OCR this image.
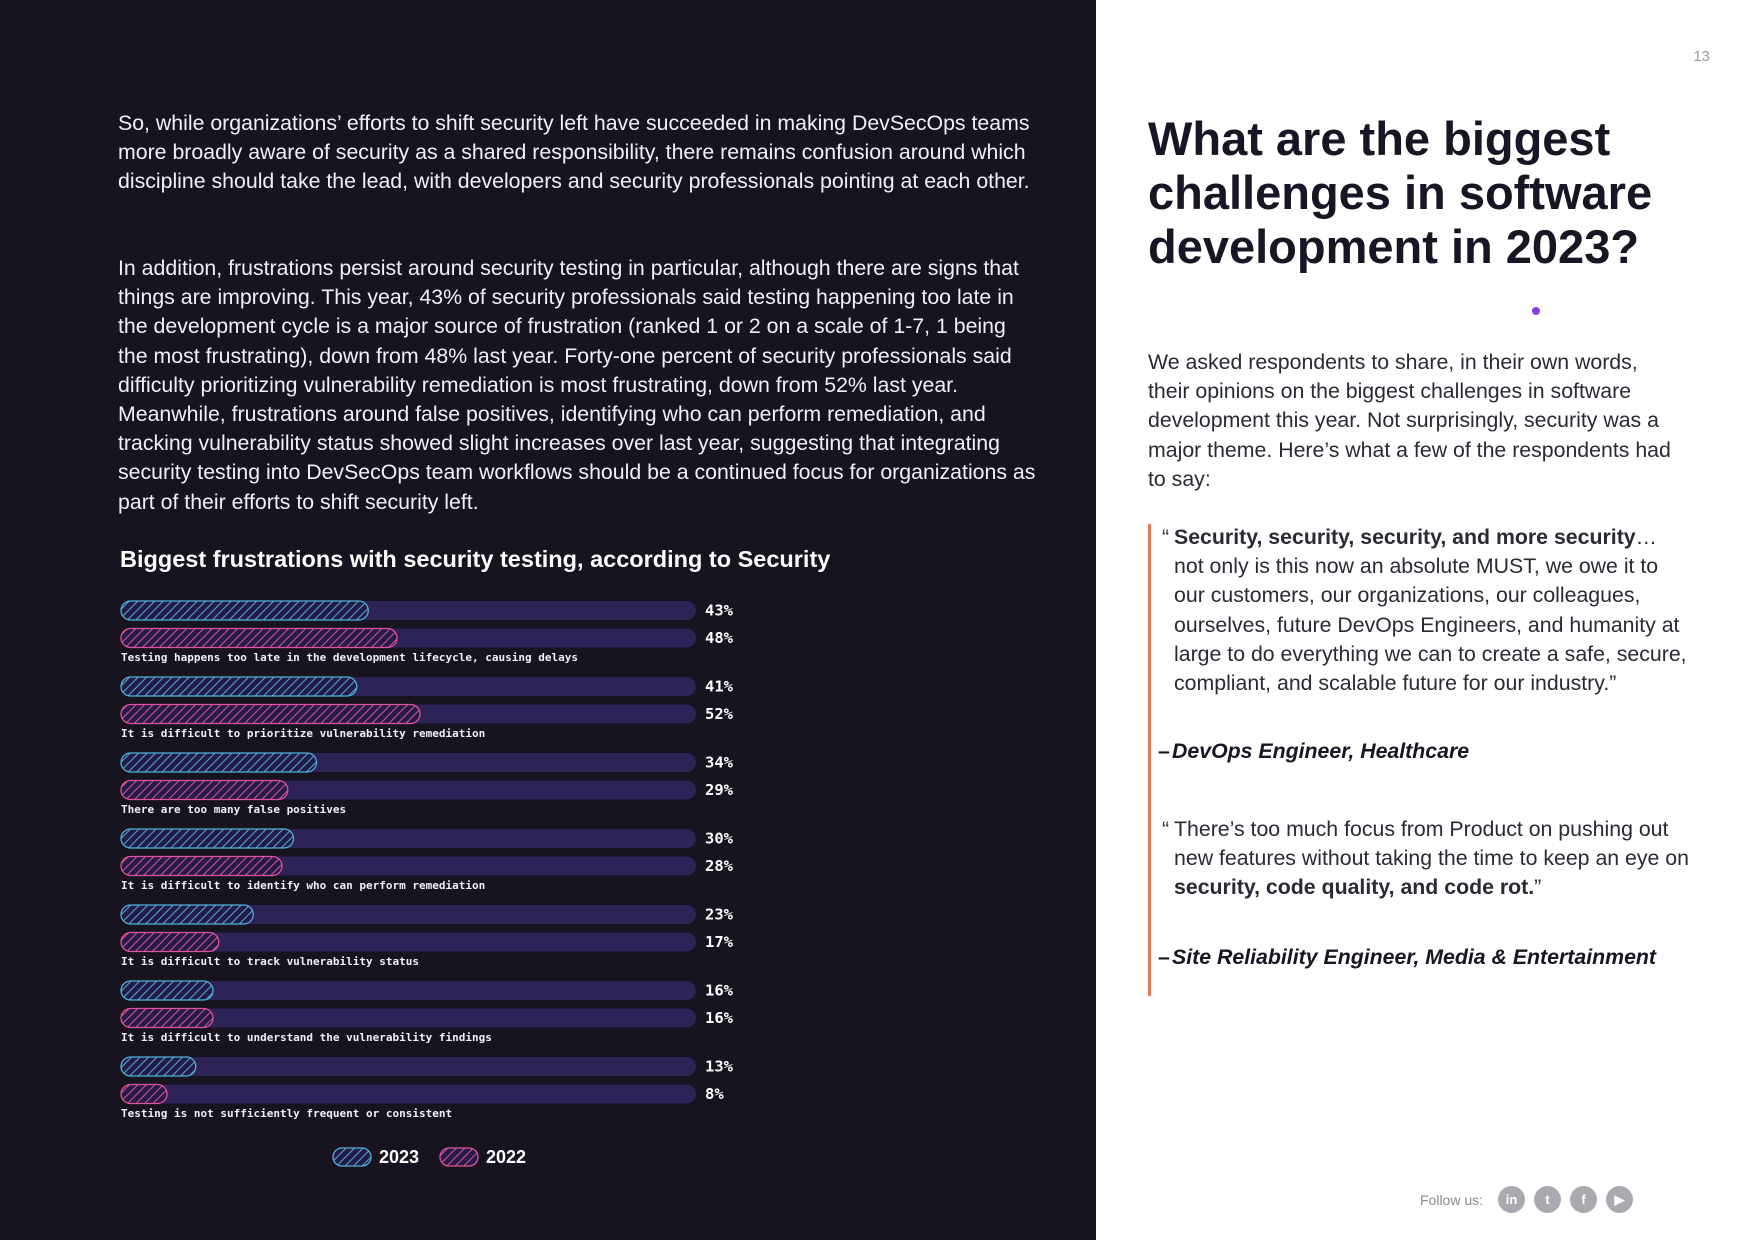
So, while organizations’ efforts to shift security left have succeeded in making DevSecOps teams more broadly aware of security as a shared responsibility, there remains confusion around which discipline should take the lead, with developers and security professionals pointing at each other.

In addition, frustrations persist around security testing in particular, although there are signs that things are improving. This year, 43% of security professionals said testing happening too late in the development cycle is a major source of frustration (ranked 1 or 2 on a scale of 1-7, 1 being the most frustrating), down from 48% last year. Forty-one percent of security professionals said difficulty prioritizing vulnerability remediation is most frustrating, down from 52% last year. Meanwhile, frustrations around false positives, identifying who can perform remediation, and tracking vulnerability status showed slight increases over last year, suggesting that integrating security testing into DevSecOps team workflows should be a continued focus for organizations as part of their efforts to shift security left.

Biggest frustrations with security testing, according to Security
43%
48%
Testing happens too late in the development lifecycle, causing delays
41%
52%
It is difficult to prioritize vulnerability remediation
34%
29%
There are too many false positives
30%
28%
It is difficult to identify who can perform remediation
23%
17%
It is difficult to track vulnerability status
16%
16%
It is difficult to understand the vulnerability findings
13%
8%
Testing is not sufficiently frequent or consistent
2023	2022
13
What are the biggest challenges in software development in 2023?

We asked respondents to share, in their own words, their opinions on the biggest challenges in software development this year. Not surprisingly, security was a major theme. Here’s what a few of the respondents had to say:

“ Security, security, security, and more security… not only is this now an absolute MUST, we owe it to our customers, our organizations, our colleagues, ourselves, future DevOps Engineers, and humanity at large to do everything we can to create a safe, secure, compliant, and scalable future for our industry.”

– DevOps Engineer, Healthcare
“ There’s too much focus from Product on pushing out new features without taking the time to keep an eye on security, code quality, and code rot.”

– Site Reliability Engineer, Media & Entertainment
Follow us:	in	t	f	▶
